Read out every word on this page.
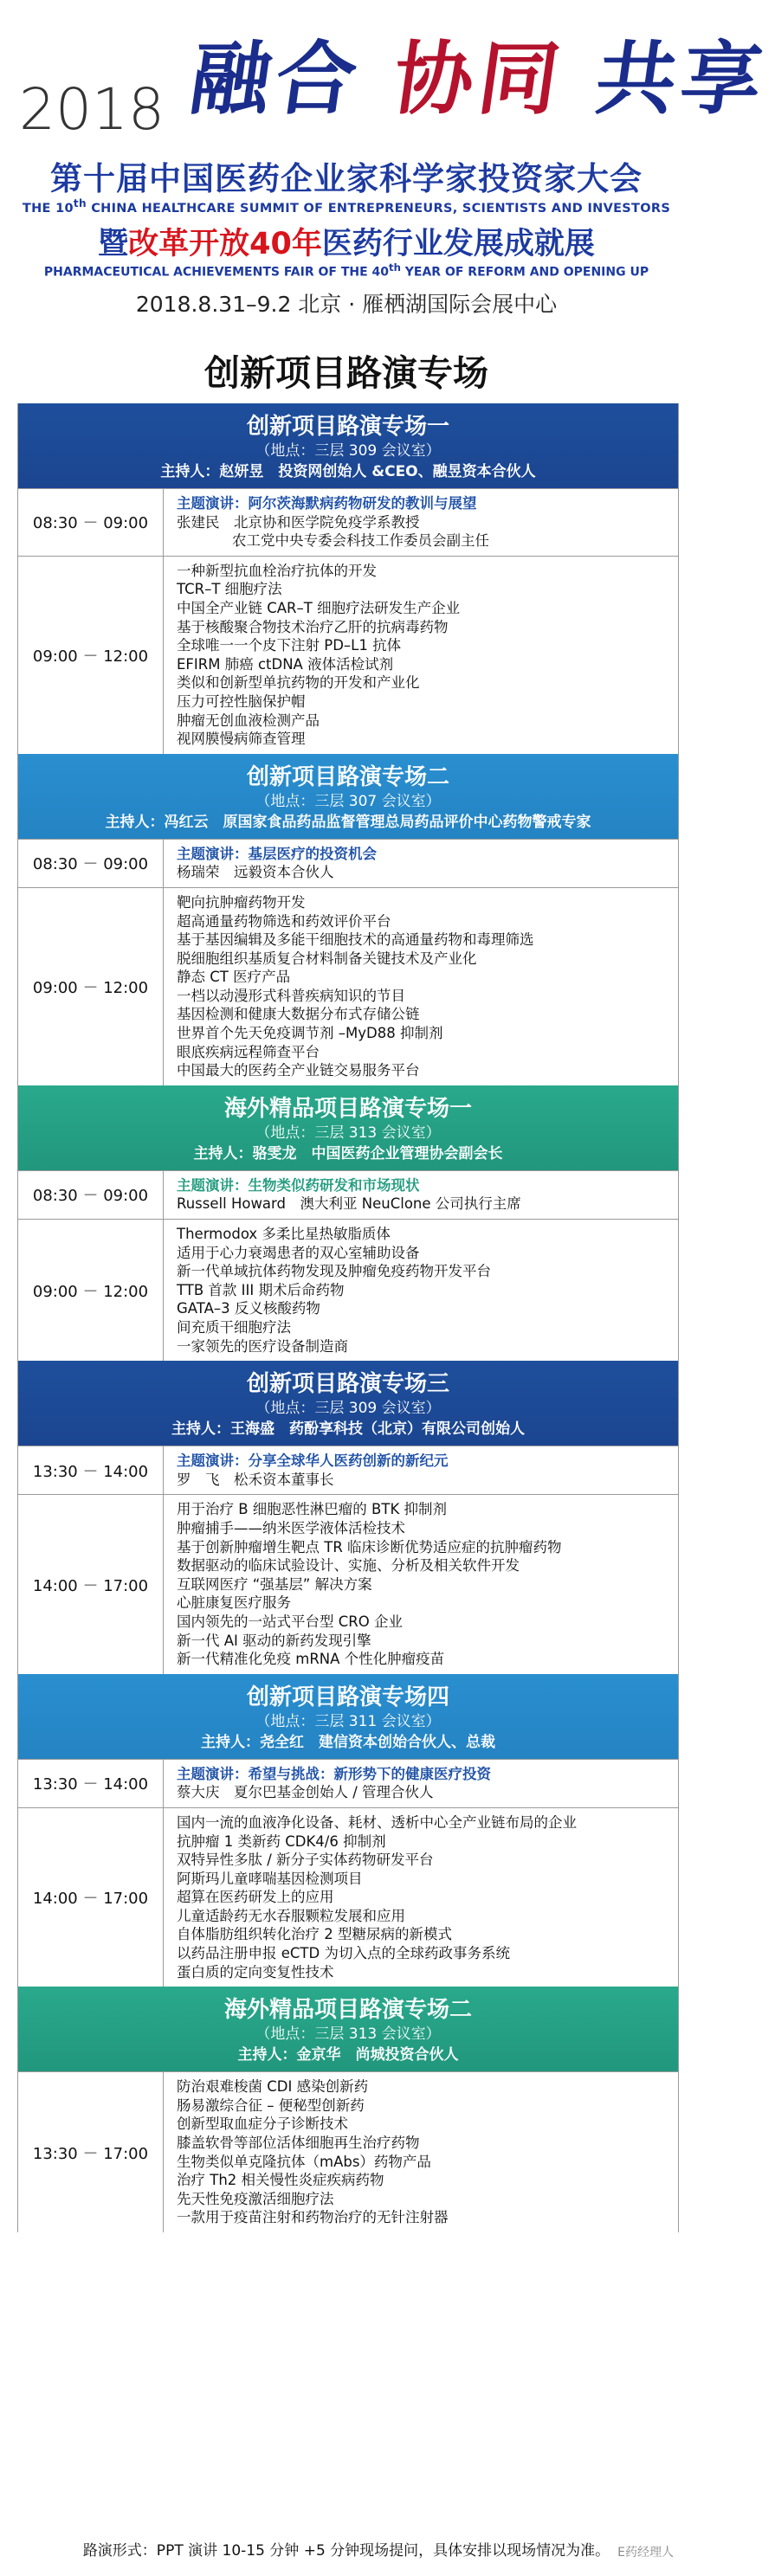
2018 融合 协同 共享
第十届中国医药企业家科学家投资家大会
THE 10th CHINA HEALTHCARE SUMMIT OF ENTREPRENEURS, SCIENTISTS AND INVESTORS
暨改革开放40年医药行业发展成就展
PHARMACEUTICAL ACHIEVEMENTS FAIR OF THE 40th YEAR OF REFORM AND OPENING UP
2018.8.31–9.2 北京 · 雁栖湖国际会展中心
创新项目路演专场
创新项目路演专场一
（地点：三层 309 会议室）
主持人：赵妍昱　投资网创始人 &CEO、融昱资本合伙人
08:30 － 09:00
主题演讲：阿尔茨海默病药物研发的教训与展望
张建民　北京协和医学院免疫学系教授
农工党中央专委会科技工作委员会副主任
09:00 － 12:00
一种新型抗血栓治疗抗体的开发
TCR–T 细胞疗法
中国全产业链 CAR–T 细胞疗法研发生产企业
基于核酸聚合物技术治疗乙肝的抗病毒药物
全球唯一一个皮下注射 PD–L1 抗体
EFIRM 肺癌 ctDNA 液体活检试剂
类似和创新型单抗药物的开发和产业化
压力可控性脑保护帽
肿瘤无创血液检测产品
视网膜慢病筛查管理
创新项目路演专场二
（地点：三层 307 会议室）
主持人：冯红云　原国家食品药品监督管理总局药品评价中心药物警戒专家
08:30 － 09:00
主题演讲：基层医疗的投资机会
杨瑞荣　远毅资本合伙人
09:00 － 12:00
靶向抗肿瘤药物开发
超高通量药物筛选和药效评价平台
基于基因编辑及多能干细胞技术的高通量药物和毒理筛选
脱细胞组织基质复合材料制备关键技术及产业化
静态 CT 医疗产品
一档以动漫形式科普疾病知识的节目
基因检测和健康大数据分布式存储公链
世界首个先天免疫调节剂 –MyD88 抑制剂
眼底疾病远程筛查平台
中国最大的医药全产业链交易服务平台
海外精品项目路演专场一
（地点：三层 313 会议室）
主持人：骆雯龙　中国医药企业管理协会副会长
08:30 － 09:00
主题演讲：生物类似药研发和市场现状
Russell Howard　澳大利亚 NeuClone 公司执行主席
09:00 － 12:00
Thermodox 多柔比星热敏脂质体
适用于心力衰竭患者的双心室辅助设备
新一代单域抗体药物发现及肿瘤免疫药物开发平台
TTB 首款 III 期术后命药物
GATA–3 反义核酸药物
间充质干细胞疗法
一家领先的医疗设备制造商
创新项目路演专场三
（地点：三层 309 会议室）
主持人：王海盛　药酚享科技（北京）有限公司创始人
13:30 － 14:00
主题演讲：分享全球华人医药创新的新纪元
罗　飞　松禾资本董事长
14:00 － 17:00
用于治疗 B 细胞恶性淋巴瘤的 BTK 抑制剂
肿瘤捕手——纳米医学液体活检技术
基于创新肿瘤增生靶点 TR 临床诊断优势适应症的抗肿瘤药物
数据驱动的临床试验设计、实施、分析及相关软件开发
互联网医疗 “强基层” 解决方案
心脏康复医疗服务
国内领先的一站式平台型 CRO 企业
新一代 AI 驱动的新药发现引擎
新一代精准化免疫 mRNA 个性化肿瘤疫苗
创新项目路演专场四
（地点：三层 311 会议室）
主持人：尧全红　建信资本创始合伙人、总裁
13:30 － 14:00
主题演讲：希望与挑战：新形势下的健康医疗投资
蔡大庆　夏尔巴基金创始人 / 管理合伙人
14:00 － 17:00
国内一流的血液净化设备、耗材、透析中心全产业链布局的企业
抗肿瘤 1 类新药 CDK4/6 抑制剂
双特异性多肽 / 新分子实体药物研发平台
阿斯玛儿童哮喘基因检测项目
超算在医药研发上的应用
儿童适龄药无水吞服颗粒发展和应用
自体脂肪组织转化治疗 2 型糖尿病的新模式
以药品注册申报 eCTD 为切入点的全球药政事务系统
蛋白质的定向变复性技术
海外精品项目路演专场二
（地点：三层 313 会议室）
主持人：金京华　尚城投资合伙人
13:30 － 17:00
防治艰难梭菌 CDI 感染创新药
肠易激综合征 – 便秘型创新药
创新型取血症分子诊断技术
膝盖软骨等部位活体细胞再生治疗药物
生物类似单克隆抗体（mAbs）药物产品
治疗 Th2 相关慢性炎症疾病药物
先天性免疫激活细胞疗法
一款用于疫苗注射和药物治疗的无针注射器
路演形式：PPT 演讲 10-15 分钟 +5 分钟现场提问，具体安排以现场情况为准。 E药经理人
